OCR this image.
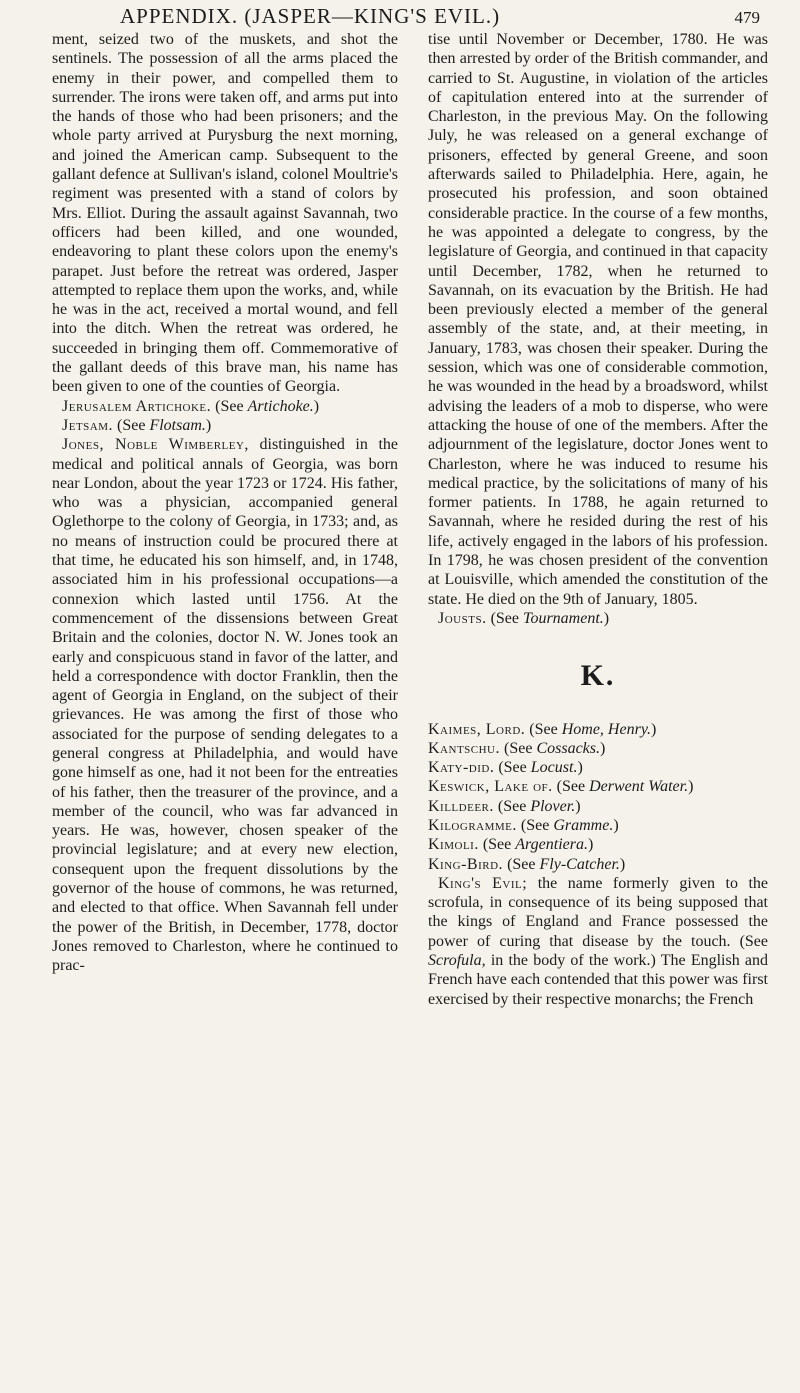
APPENDIX. (JASPER—KING'S EVIL.)	479

ment, seized two of the muskets, and shot the sentinels. The possession of all the arms placed the enemy in their power, and compelled them to surrender. The irons were taken off, and arms put into the hands of those who had been prisoners; and the whole party arrived at Purysburg the next morning, and joined the American camp. Subsequent to the gallant defence at Sullivan's island, colonel Moultrie's regiment was presented with a stand of colors by Mrs. Elliot. During the assault against Savannah, two officers had been killed, and one wounded, endeavoring to plant these colors upon the enemy's parapet. Just before the retreat was ordered, Jasper attempted to replace them upon the works, and, while he was in the act, received a mortal wound, and fell into the ditch. When the retreat was ordered, he succeeded in bringing them off. Commemorative of the gallant deeds of this brave man, his name has been given to one of the counties of Georgia.

Jerusalem Artichoke. (See Artichoke.)

Jetsam. (See Flotsam.)

Jones, Noble Wimberley, distinguished in the medical and political annals of Georgia, was born near London, about the year 1723 or 1724. His father, who was a physician, accompanied general Oglethorpe to the colony of Georgia, in 1733; and, as no means of instruction could be procured there at that time, he educated his son himself, and, in 1748, associated him in his professional occupations—a connexion which lasted until 1756. At the commencement of the dissensions between Great Britain and the colonies, doctor N. W. Jones took an early and conspicuous stand in favor of the latter, and held a correspondence with doctor Franklin, then the agent of Georgia in England, on the subject of their grievances. He was among the first of those who associated for the purpose of sending delegates to a general congress at Philadelphia, and would have gone himself as one, had it not been for the entreaties of his father, then the treasurer of the province, and a member of the council, who was far advanced in years. He was, however, chosen speaker of the provincial legislature; and at every new election, consequent upon the frequent dissolutions by the governor of the house of commons, he was returned, and elected to that office. When Savannah fell under the power of the British, in December, 1778, doctor Jones removed to Charleston, where he continued to prac-

tise until November or December, 1780. He was then arrested by order of the British commander, and carried to St. Augustine, in violation of the articles of capitulation entered into at the surrender of Charleston, in the previous May. On the following July, he was released on a general exchange of prisoners, effected by general Greene, and soon afterwards sailed to Philadelphia. Here, again, he prosecuted his profession, and soon obtained considerable practice. In the course of a few months, he was appointed a delegate to congress, by the legislature of Georgia, and continued in that capacity until December, 1782, when he returned to Savannah, on its evacuation by the British. He had been previously elected a member of the general assembly of the state, and, at their meeting, in January, 1783, was chosen their speaker. During the session, which was one of considerable commotion, he was wounded in the head by a broadsword, whilst advising the leaders of a mob to disperse, who were attacking the house of one of the members. After the adjournment of the legislature, doctor Jones went to Charleston, where he was induced to resume his medical practice, by the solicitations of many of his former patients. In 1788, he again returned to Savannah, where he resided during the rest of his life, actively engaged in the labors of his profession. In 1798, he was chosen president of the convention at Louisville, which amended the constitution of the state. He died on the 9th of January, 1805.

Jousts. (See Tournament.)

K.

Kaimes, Lord. (See Home, Henry.)

Kantschu. (See Cossacks.)

Katy-did. (See Locust.)

Keswick, Lake of. (See Derwent Water.)

Killdeer. (See Plover.)

Kilogramme. (See Gramme.)

Kimoli. (See Argentiera.)

King-Bird. (See Fly-Catcher.)

King's Evil; the name formerly given to the scrofula, in consequence of its being supposed that the kings of England and France possessed the power of curing that disease by the touch. (See Scrofula, in the body of the work.) The English and French have each contended that this power was first exercised by their respective monarchs; the French
